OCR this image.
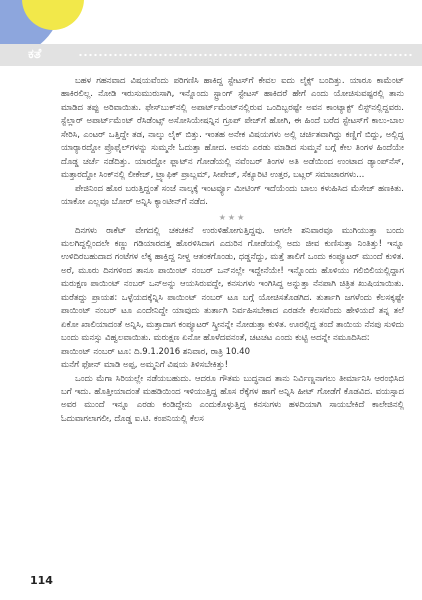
ಕತೆ

ಬಹಳ ಗಹನವಾದ ವಿಷಯವೆಂದು ಪರಿಗಣಿಸಿ ಹಾಕಿದ್ದ ಸ್ಟೇಟಸ್‌ಗೆ ಕೇವಲ ಐದು ಲೈಕ್ಸ್ ಬಂದಿತ್ತು. ಯಾರೂ ಕಾಮೆಂಟ್ ಹಾಕಿರಲಿಲ್ಲ. ನೋಡಿ ಇರುಸುಮುರುಸಾಗಿ, ಇನ್ನೊಂದು ಸ್ಟ್ರಾಂಗ್ ಸ್ಟೇಟಸ್ ಹಾಕಿದರೆ ಹೇಗೆ ಎಂದು ಯೋಚಿಸುವಷ್ಟರಲ್ಲಿ ತಾನು ಮಾಡಿದ ತಪ್ಪು ಅರಿವಾಯಿತು. ಫೇಸ್‌ಬುಕ್‌ನಲ್ಲಿ ಅಪಾರ್ಟ್‌ಮೆಂಟ್‌ನಲ್ಲಿರುವ ಒಂದಿಬ್ಬರಷ್ಟೇ ಅವನ ಕಾಂಟ್ಯಾಕ್ಟ್ ಲಿಸ್ಟ್‌ನಲ್ಲಿದ್ದವರು. ಸ್ಟೆಲ್ಲಾರ್ ಅಪಾರ್ಟ್‌ಮೆಂಟ್ ರೆಸಿಡೆಂಟ್ಸ್ ಅಸೋಸಿಯೇಷನ್ನಿನ ಗ್ರೂಪ್ ಪೇಜ್‌ಗೆ ಹೋಗಿ, ಈ ಹಿಂದೆ ಬರೆದ ಸ್ಟೇಟಸ್‌ಗೆ ಕಾಲು-ಬಾಲ ಸೇರಿಸಿ, ಎಂಟರ್ ಒತ್ತಿದ್ದೇ ತಡ, ನಾಲ್ಕು ಲೈಕ್ ಬಿತ್ತು. ಇಂತಹ ಅನೇಕ ವಿಷಯಗಳು ಅಲ್ಲಿ ಚರ್ಚಿತವಾಗಿದ್ದು ಕಣ್ಣಿಗೆ ಬಿದ್ದು, ಅಲ್ಲಿದ್ದ ಯಾರ್‍ಯಾರದ್ದೋ ಪ್ರೊಫೈಲ್‌ಗಳನ್ನು ಸುಮ್ಮನೇ ಓದುತ್ತಾ ಹೋದ. ಅವನು ಎರಡು ಮಾಡಿದ ಸುಮ್ಮನೆ ಬಗ್ಗೆ ಕೇಲ ತಿಂಗಳ ಹಿಂದೆಯೇ ದೊಡ್ಡ ಚರ್ಚೆ ನಡೆದಿತ್ತು. ಯಾರದ್ದೋ ಫ್ಲಾಟ್‌ನ ಗೋಡೆಯಲ್ಲಿ ನವೆಂಬರ್ ತಿಂಗಳ ಅತಿ ಅಡೆಯಿಂದ ಉಂಟಾದ ಡ್ಯಾಂಪ್‌ನೆಸ್, ಮತ್ತಾರದ್ದೋ ಸಿಂಕ್‌ನಲ್ಲಿ ಲೀಕೇಜ್, ಟ್ರ್ಯಾಫಿಕ್ ಪ್ರಾಬ್ಲಮ್, ಸೀಪೇಜ್, ಸೆಕ್ಯೂರಿಟಿ ಉತ್ತರ, ಬಟ್ಲರ್ ಸಮಾಚಾರಗಳು...

ಪೇಜಿನಿಂದ ಹೊರ ಬರುತ್ತಿದ್ದಂತೆ ಸಂಜೆ ನಾಲ್ಕಕ್ಕೆ ಇಂಟರ್ವ್ಯೂ ಮೀಟಿಂಗ್ ಇದೆಯೆಂದು ಬಾಲು ಕಳುಹಿಸಿದ ಮೆಸೇಜ್ ಹಣಕಿತು. ಯಾಕೋ ಎಲ್ಲವೂ ಬೋರ್ ಅನ್ನಿಸಿ ಕ್ಯಾಂಟೀನ್‌ಗೆ ನಡೆದ.

★★★

ದಿನಗಳು ರಾಕೆಟ್ ವೇಗದಲ್ಲಿ ಚಕಚಕನೆ ಉರುಳಿಹೋಗುತ್ತಿದ್ದವು. ಆಗಲೇ ಶನಿವಾರವೂ ಮುಗಿಯುತ್ತಾ ಬಂದು ಮಲಗಿದ್ದಲ್ಲಿಂದಲೇ ಕಣ್ಣು ಗಡಿಯಾರದತ್ತ ಹೊರಳಿಸಿದಾಗ ಎದುರಿನ ಗೋಡೆಯಲ್ಲಿ ಅದು ಜೀವ ಕುಣಿಸುತ್ತಾ ನಿಂತಿತ್ತು! ಇನ್ನೂ ಉಳಿದಿರಬಹುದಾದ ಗಂಟೆಗಳ ಲೆಕ್ಕ ಹಾಕ್ತಿದ್ದ ನೀಳ್ದ ಆತಂಕಗೊಂಡು, ಧಡ್ಡನೆದ್ದು, ಮತ್ತೆ ತಾಲಿಗೆ ಒಂದು ಕಂಪ್ಯೂಟರ್ ಮುಂದೆ ಕುಳಿತ. ಅರೆ, ಮೂರು ದಿನಗಳಿಂದ ತಾನೂ ಪಾಯಿಂಟ್ ನಂಬರ್ ಒನ್‌ನಲ್ಲೇ ಇದ್ದೇನೆಯೇ! ಇನ್ನೊಂದು ಹೊಳಿಯು ಗಲಿಬಿಲಿಯಲ್ಲಿದ್ದಾಗ ಮರುಕ್ಷಣ ಪಾಯಿಂಟ್ ನಂಬರ್ ಒನ್‌ಅನ್ನು ಆಯಸಿರುವದ್ದೇ, ಕನಸುಗಳು ಇಂಗಿಸಿದ್ದ ಅನ್ನುತ್ತಾ ನೆನಪಾಗಿ ಚಿತ್ರಿತ ಖುಷಿಯಾಯಿತು. ಮರೆತದ್ದು ಪ್ರಾಯಶ: ಒಳ್ಳೆಯದಕ್ಕೆನ್ನಿಸಿ ಪಾಯಿಂಟ್ ನಂಬರ್ ಟೂ ಬಗ್ಗೆ ಯೋಚಿಸತೊಡಗಿದ. ತುರ್ತಾಗಿ ಜಗಳೆಂದು ಕೆಲಸಕ್ಕಷ್ಟೇ ಪಾಯಿಂಟ್ ನಂಬರ್ ಟೂ ಎಂದೇನಿದ್ದೇ ಯಾವುದು ತುರ್ತಾಗಿ ನಿರ್ವಹಿಸಬೇಕಾದ ಎರಡನೇ ಕೆಲಸವೆಂದು ಹೇಳಿಯದೆ ತನ್ನ ತಲೆ ಏಕೋ ಖಾಲಿಯಾದಂತೆ ಅನ್ನಿಸಿ, ಮತ್ತಾದಾಗ ಕಂಪ್ಯೂಟರ್ ಸ್ಕ್ರೀನನ್ನೇ ನೋಡುತ್ತಾ ಕುಳಿತ. ಊರಲ್ಲಿದ್ದ ತಂದೆ ತಾಯಿಯ ನೆನಪು ಸುಳಿದು ಬಂದು ಮನಸ್ಸು ವಿಹ್ವಲವಾಯಿತು. ಮರುಕ್ಷಣ ಏನೋ ಹೊಳೆದವನಂತೆ, ಚಟಚಟ ಎಂದು ಕುಟ್ಟಿ ಅದನ್ನೇ ನಮೂದಿಸಿದ:

ಪಾಯಿಂಟ್ ನಂಬರ್ ಟೂ: ದಿ.9.1.2016 ಶನಿವಾರ, ರಾತ್ರಿ 10.40
ಮನೆಗೆ ಫೋನ್ ಮಾಡಿ ಅಪ್ಪ, ಅಮ್ಮನಿಗೆ ವಿಷಯ ತಿಳಿಸಬೇಕಿತ್ತು!

ಒಂದು ಮೆಗಾ ಸಿರಿಯಲ್ಲೇ ನಡೆಯಬಹುದು. ಆದರೂ ಗೌತಮ ಬುದ್ಧನಾದ ತಾನು ನಿರ್ವಿಣ್ಣನಾಗಲು ತೀರ್ಮಾನಿಸಿ ಆರಂಭಿಸಿದ ಬಗೆ ಇದು. ಹೊತ್ತೀಯಾದಂತೆ ಮಹಡಿಯಿಂದ ಇಳಿಯುತ್ತಿದ್ದ ಹೊಸ ರೆಕ್ಕೆಗಳ ಹಾಗೆ ಅನ್ನಿಸಿ ಹೀಟ್ ಗೋಡೆಗೆ ಕೊಡವಿದ. ವಯಸ್ಸಾದ ಅವರ ಮುಂದೆ ಇನ್ನೂ ಎರಡು ಕಂಡಿದ್ದೇನು ಎಂದುಕೊಳ್ಳುತ್ತಿದ್ದ ಕನಸುಗಳು ಹಳದಿಯಾಗಿ ಸಾಯಬೇಕಿದೆ ಕಾಲೇಜಿನಲ್ಲಿ ಓದುವಾಗಲಾಗಲೀ, ದೊಡ್ಡ ಐ.ಟಿ. ಕಂಪನಿಯಲ್ಲಿ ಕೆಲಸ

114
